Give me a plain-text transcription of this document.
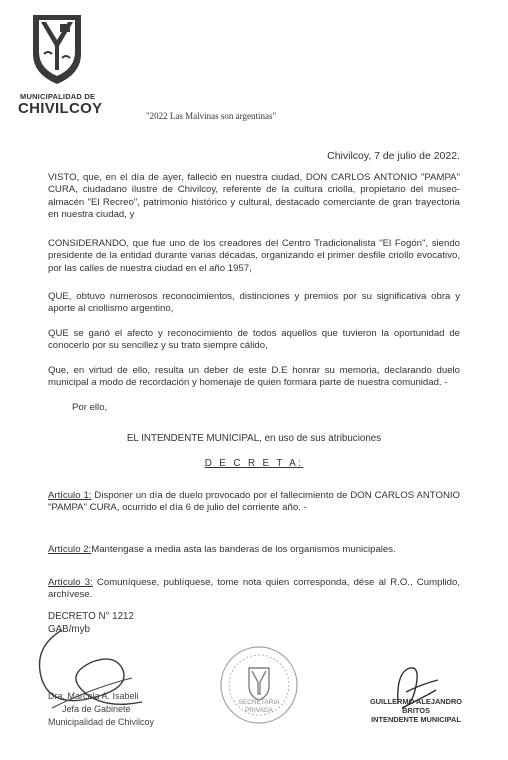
MUNICIPALIDAD DE
CHIVILCOY	"2022 Las Malvinas son argentinas"
Chivilcoy, 7 de julio de 2022.
VISTO, que, en el día de ayer, falleció en nuestra ciudad, DON CARLOS ANTONIO "PAMPA" CURA, ciudadano ilustre de Chivilcoy, referente de la cultura criolla, propietario del museo-almacén "El Recreo", patrimonio histórico y cultural, destacado comerciante de gran trayectoria en nuestra ciudad, y
CONSIDERANDO, que fue uno de los creadores del Centro Tradicionalista "El Fogón", siendo presidente de la entidad durante varias décadas, organizando el primer desfile criollo evocativo, por las calles de nuestra ciudad en el año 1957,
QUE, obtuvo numerosos reconocimientos, distinciones y premios por su significativa obra y aporte al criollismo argentino,
QUE se ganó el afecto y reconocimiento de todos aquellos que tuvieron la oportunidad de conocerlo por su sencillez y su trato siempre cálido,
Que, en virtud de ello, resulta un deber de este D.E honrar su memoria, declarando duelo municipal a modo de recordación y homenaje de quien formara parte de nuestra comunidad. -
Por ello,
EL INTENDENTE MUNICIPAL, en uso de sus atribuciones
D E C R E T A:
Artículo 1: Disponer un día de duelo provocado por el fallecimiento de DON CARLOS ANTONIO "PAMPA" CURA, ocurrido el día 6 de julio del corriente año. -
Artículo 2:Mantengase a media asta las banderas de los organismos municipales.
Artículo 3: Comuníquese, publíquese, tome nota quien corresponda, dése al R.O., Cumplido, archívese.
DECRETO N° 1212
GAB/myb
Dra. Marcela A. Isabeli
Jefa de Gabinete
Municipalidad de Chivilcoy
SECRETARIA
PRIVADA
GUILLERMO ALEJANDRO BRITOS
INTENDENTE MUNICIPAL
